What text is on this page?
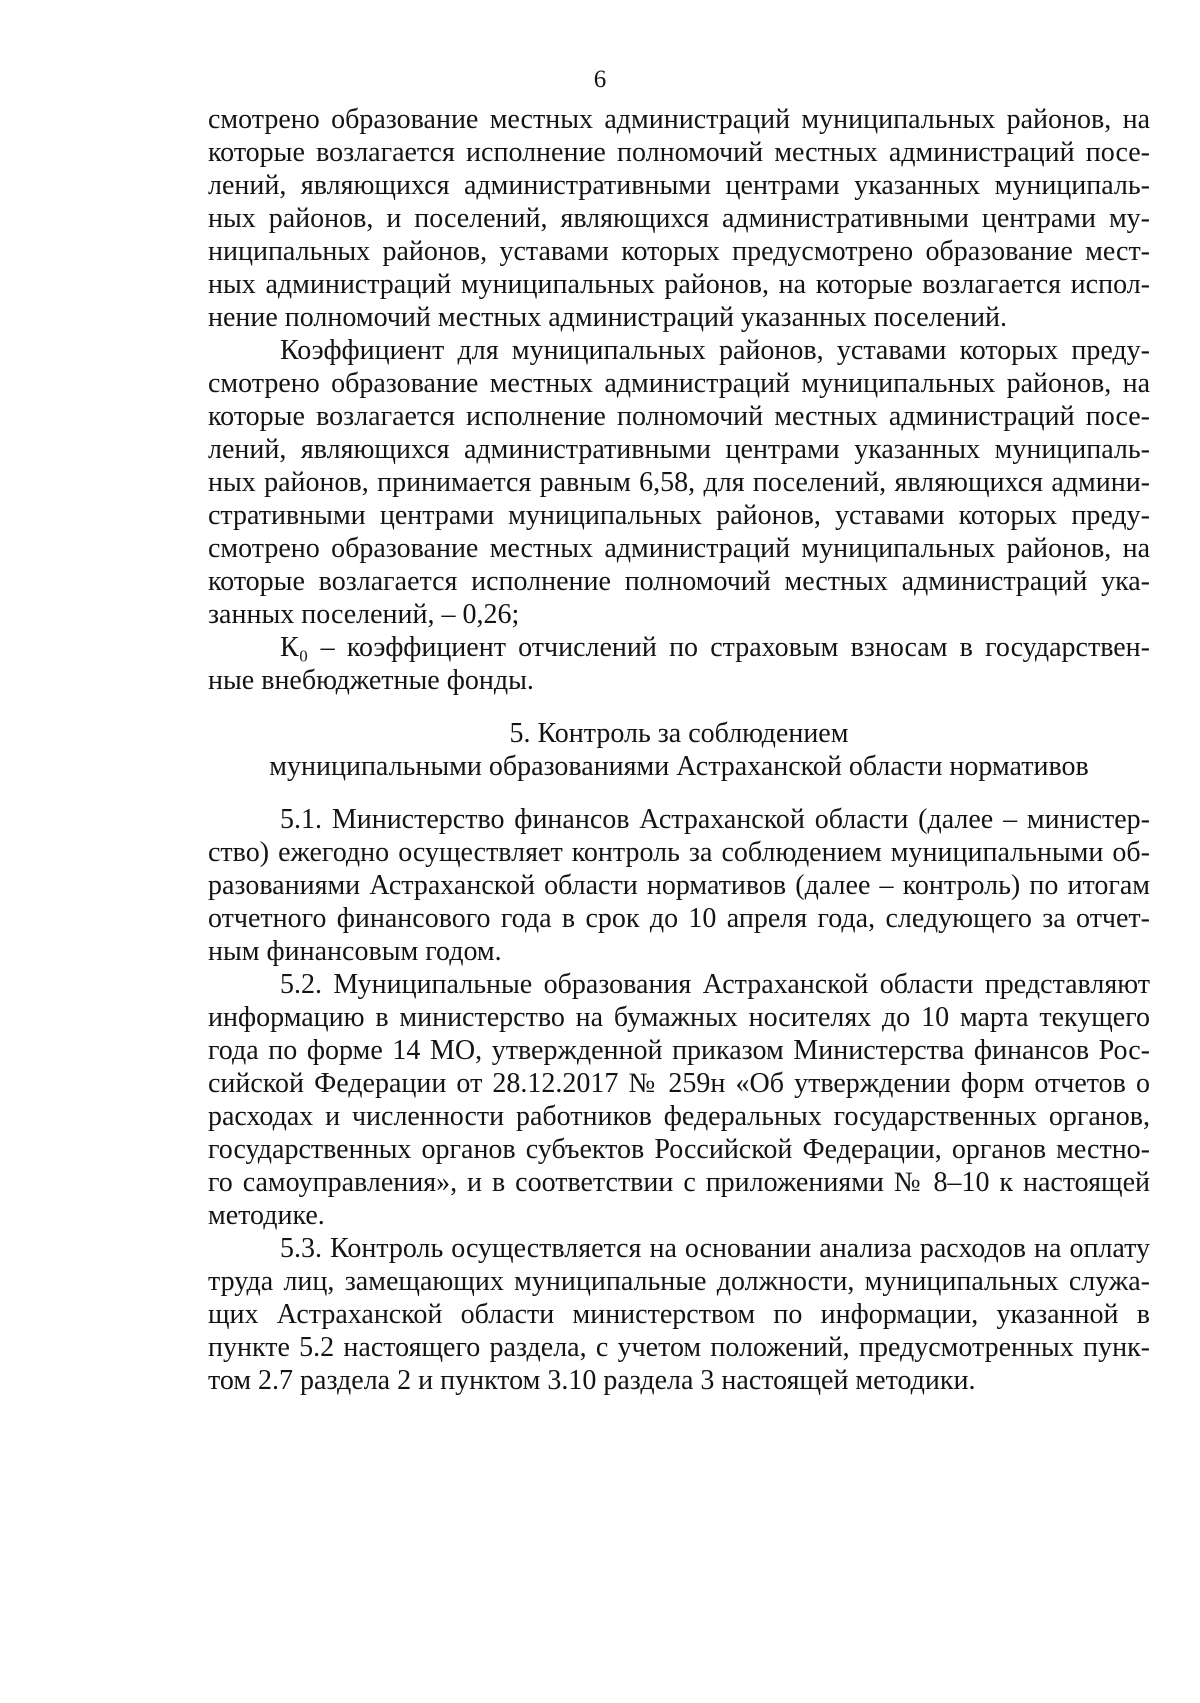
6
смотрено образование местных администраций муниципальных районов, на
которые возлагается исполнение полномочий местных администраций посе-
лений, являющихся административными центрами указанных муниципаль-
ных районов, и поселений, являющихся административными центрами му-
ниципальных районов, уставами которых предусмотрено образование мест-
ных администраций муниципальных районов, на которые возлагается испол-
нение полномочий местных администраций указанных поселений.
Коэффициент для муниципальных районов, уставами которых преду-
смотрено образование местных администраций муниципальных районов, на
которые возлагается исполнение полномочий местных администраций посе-
лений, являющихся административными центрами указанных муниципаль-
ных районов, принимается равным 6,58, для поселений, являющихся админи-
стративными центрами муниципальных районов, уставами которых преду-
смотрено образование местных администраций муниципальных районов, на
которые возлагается исполнение полномочий местных администраций ука-
занных поселений, – 0,26;
К₀ – коэффициент отчислений по страховым взносам в государствен-
ные внебюджетные фонды.
5. Контроль за соблюдением
муниципальными образованиями Астраханской области нормативов
5.1. Министерство финансов Астраханской области (далее – министер-
ство) ежегодно осуществляет контроль за соблюдением муниципальными об-
разованиями Астраханской области нормативов (далее – контроль) по итогам
отчетного финансового года в срок до 10 апреля года, следующего за отчет-
ным финансовым годом.
5.2. Муниципальные образования Астраханской области представляют
информацию в министерство на бумажных носителях до 10 марта текущего
года по форме 14 МО, утвержденной приказом Министерства финансов Рос-
сийской Федерации от 28.12.2017 № 259н «Об утверждении форм отчетов о
расходах и численности работников федеральных государственных органов,
государственных органов субъектов Российской Федерации, органов местно-
го самоуправления», и в соответствии с приложениями № 8–10 к настоящей
методике.
5.3. Контроль осуществляется на основании анализа расходов на оплату
труда лиц, замещающих муниципальные должности, муниципальных служа-
щих Астраханской области министерством по информации, указанной в
пункте 5.2 настоящего раздела, с учетом положений, предусмотренных пунк-
том 2.7 раздела 2 и пунктом 3.10 раздела 3 настоящей методики.
